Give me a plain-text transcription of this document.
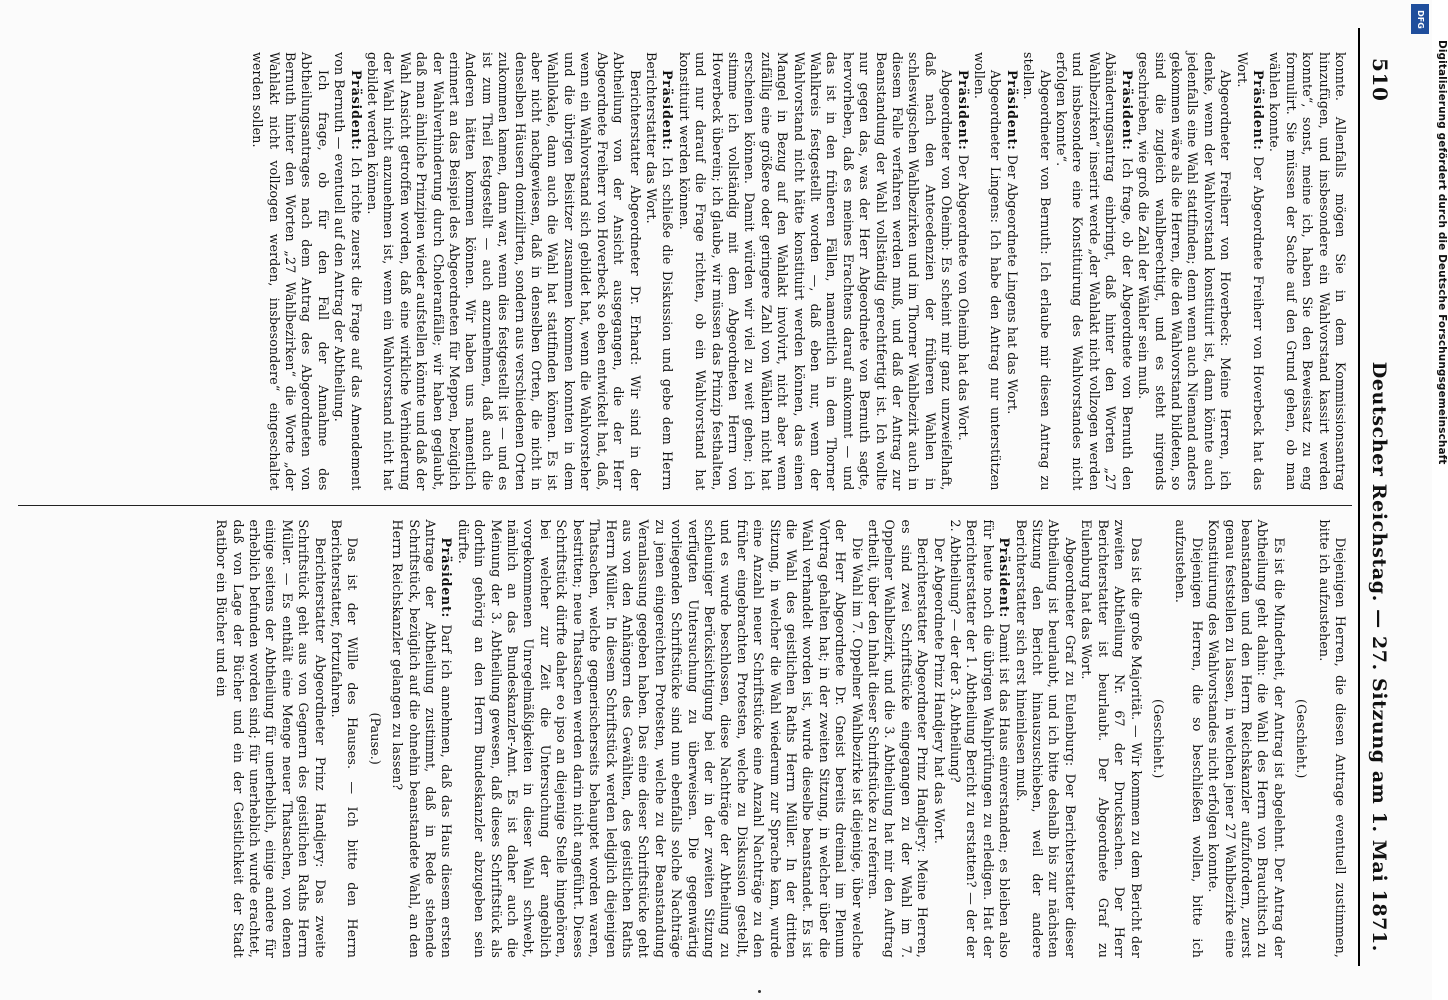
510
Deutscher Reichstag. — 27. Sitzung am 1. Mai 1871.

konnte. Allenfalls mögen Sie in dem Kommissionsantrag hinzufügen, und insbesondere ein Wahlvorstand kassirt werden konnte“, sonst, meine ich, haben Sie den Beweissatz zu eng formulirt. Sie müssen der Sache auf den Grund gehen, ob man wählen konnte.

Präsident: Der Abgeordnete Freiherr von Hoverbeck hat das Wort.

Abgeordneter Freiherr von Hoverbeck: Meine Herren, ich denke, wenn der Wahlvorstand konstituirt ist, dann könnte auch jedenfalls eine Wahl stattfinden; denn wenn auch Niemand anders gekommen wäre als die Herren, die den Wahlvorstand bildeten, so sind die zugleich wahlberechtigt, und es steht nirgends geschrieben, wie groß die Zahl der Wähler sein muß.

Präsident: Ich frage, ob der Abgeordnete von Bernuth den Abänderungsantrag einbringt, daß hinter den Worten „27 Wahlbezirken“ inserirt werde „der Wahlakt nicht vollzogen werden und insbesondere eine Konstituirung des Wahlvorstandes nicht erfolgen konnte“.

Abgeordneter von Bernuth: Ich erlaube mir diesen Antrag zu stellen.

Präsident: Der Abgeordnete Lingens hat das Wort.

Abgeordneter Lingens: Ich habe den Antrag nur unterstützen wollen.

Präsident: Der Abgeordnete von Oheimb hat das Wort.

Abgeordneter von Oheimb: Es scheint mir ganz unzweifelhaft, daß nach den Antecedenzien der früheren Wahlen in schleswigschen Wahlbezirken und im Thorner Wahlbezirk auch in diesem Falle verfahren werden muß, und daß der Antrag zur Beanstandung der Wahl vollständig gerechtfertigt ist. Ich wollte nur gegen das, was der Herr Abgeordnete von Bernuth sagte, hervorheben, daß es meines Erachtens darauf ankommt — und das ist in den früheren Fällen, namentlich in dem Thorner Wahlkreis festgestellt worden —, daß eben nur, wenn der Wahlvorstand nicht hätte konstituirt werden können, das einen Mangel in Bezug auf den Wahlakt involvirt, nicht aber wenn zufällig eine größere oder geringere Zahl von Wählern nicht hat erscheinen können. Damit würden wir viel zu weit gehen; ich stimme ich vollständig mit dem Abgeordneten Herrn von Hoverbeck überein; ich glaube, wir müssen das Prinzip festhalten, und nur darauf die Frage richten, ob ein Wahlvorstand hat konstituirt werden können.

Präsident: Ich schließe die Diskussion und gebe dem Herrn Berichterstatter das Wort.

Berichterstatter Abgeordneter Dr. Erhard: Wir sind in der Abtheilung von der Ansicht ausgegangen, die der Herr Abgeordnete Freiherr von Hoverbeck so eben entwickelt hat, daß, wenn ein Wahlvorstand sich gebildet hat, wenn die Wahlvorsteher und die übrigen Beisitzer zusammen kommen konnten in dem Wahllokale, dann auch die Wahl hat stattfinden können. Es ist aber nicht nachgewiesen, daß in denselben Orten, die nicht in denselben Häusern domizilirten, sondern aus verschiedenen Orten zukommen kamen, dann war, wenn dies festgestellt ist — und es ist zum Theil festgestellt — auch anzunehmen, daß auch die Anderen hätten kommen können. Wir haben uns namentlich erinnert an das Beispiel des Abgeordneten für Meppen, bezüglich der Wahlverhinderung durch Choleranfälle; wir haben geglaubt, daß man ähnliche Prinzipien wieder aufstellen könnte und daß der Wahl Ansicht getroffen worden, daß eine wirkliche Verhinderung der Wahl nicht anzunehmen ist, wenn ein Wahlvorstand nicht hat gebildet werden können.

Präsident: Ich richte zuerst die Frage auf das Amendement von Bernuth — eventuell auf den Antrag der Abtheilung.

Ich frage, ob für den Fall der Annahme des Abtheilungsantrages nach dem Antrag des Abgeordneten von Bernuth hinter den Worten „27 Wahlbezirken“ die Worte „der Wahlakt nicht vollzogen werden, insbesondere“ eingeschaltet werden sollen.

Diejenigen Herren, die diesen Antrage eventuell zustimmen, bitte ich aufzustehen.

(Geschieht.)

Es ist die Minderheit, der Antrag ist abgelehnt. Der Antrag der Abtheilung geht dahin: die Wahl des Herrn von Brauchitsch zu beanstanden und den Herrn Reichskanzler aufzufordern, zuerst genau feststellen zu lassen, in welchen jener 27 Wahlbezirke eine Konstituirung des Wahlvorstandes nicht erfolgen konnte.

Diejenigen Herren, die so beschließen wollen, bitte ich aufzustehen.

(Geschieht.)

Das ist die große Majorität. — Wir kommen zu dem Bericht der zweiten Abtheilung Nr. 67 der Drucksachen. Der Herr Berichterstatter ist beurlaubt. Der Abgeordnete Graf zu Eulenburg hat das Wort.

Abgeordneter Graf zu Eulenburg: Der Berichterstatter dieser Abtheilung ist beurlaubt, und ich bitte deshalb bis zur nächsten Sitzung den Bericht hinauszuschieben, weil der andere Berichterstatter sich erst hineinlesen muß.

Präsident: Damit ist das Haus einverstanden; es bleiben also für heute noch die übrigen Wahlprüfungen zu erledigen. Hat der Berichterstatter der 1. Abtheilung Bericht zu erstatten? — der der 2. Abtheilung? — der der 3. Abtheilung?

Der Abgeordnete Prinz Handjery hat das Wort.

Berichterstatter Abgeordneter Prinz Handjery: Meine Herren, es sind zwei Schriftstücke eingegangen zu der Wahl im 7. Oppelner Wahlbezirk, und die 3. Abtheilung hat mir den Auftrag ertheilt, über den Inhalt dieser Schriftstücke zu referiren.

Die Wahl im 7. Oppelner Wahlbezirke ist diejenige, über welche der Herr Abgeordnete Dr. Gneist bereits dreimal im Plenum Vortrag gehalten hat; in der zweiten Sitzung, in welcher über die Wahl verhandelt worden ist, wurde dieselbe beanstandet. Es ist die Wahl des geistlichen Raths Herrn Müller. In der dritten Sitzung, in welcher die Wahl wiederum zur Sprache kam, wurde eine Anzahl neuer Schriftstücke eine Anzahl Nachträge zu den früher eingebrachten Protesten, welche zu Diskussion gestellt, und es wurde beschlossen, diese Nachträge der Abtheilung zu schleuniger Berücksichtigung bei der in der zweiten Sitzung verfügten Untersuchung zu überweisen. Die gegenwärtig vorliegenden Schriftstücke sind nun ebenfalls solche Nachträge zu jenen eingereichten Protesten, welche zu der Beanstandung Veranlassung gegeben haben. Das eine dieser Schriftstücke geht aus von den Anhängern des Gewählten, des geistlichen Raths Herrn Müller. In diesem Schriftstück werden lediglich diejenigen Thatsachen, welche gegnerischerseits behauptet worden waren, bestritten; neue Thatsachen werden darin nicht angeführt. Dieses Schriftstück dürfte daher eo ipso an diejenige Stelle hingehören, bei welcher zur Zeit die Untersuchung der angeblich vorgekommenen Unregelmäßigkeiten in dieser Wahl schwebt, nämlich an das Bundeskanzler-Amt. Es ist daher auch die Meinung der 3. Abtheilung gewesen, daß dieses Schriftstück als dorthin gehörig an den Herrn Bundeskanzler abzugeben sein dürfte.

Präsident: Darf ich annehmen, daß das Haus diesem ersten Antrage der Abtheilung zustimmt, daß in Rede stehende Schriftstück, bezüglich auf die ohnehin beanstandete Wahl, an den Herrn Reichskanzler gelangen zu lassen?

(Pause.)

Das ist der Wille des Hauses. — Ich bitte den Herrn Berichterstatter, fortzufahren.

Berichterstatter Abgeordneter Prinz Handjery: Das zweite Schriftstück geht aus von Gegnern des geistlichen Raths Herrn Müller. — Es enthält eine Menge neuer Thatsachen, von denen einige seitens der Abtheilung für unerheblich, einige andere für erheblich befunden worden sind; für unerheblich wurde erachtet, daß von Lage der Bücher und ein der Geistlichkeit der Stadt Ratibor ein Bücher und ein

DFG
Digitalisierung gefördert durch die Deutsche Forschungsgemeinschaft
